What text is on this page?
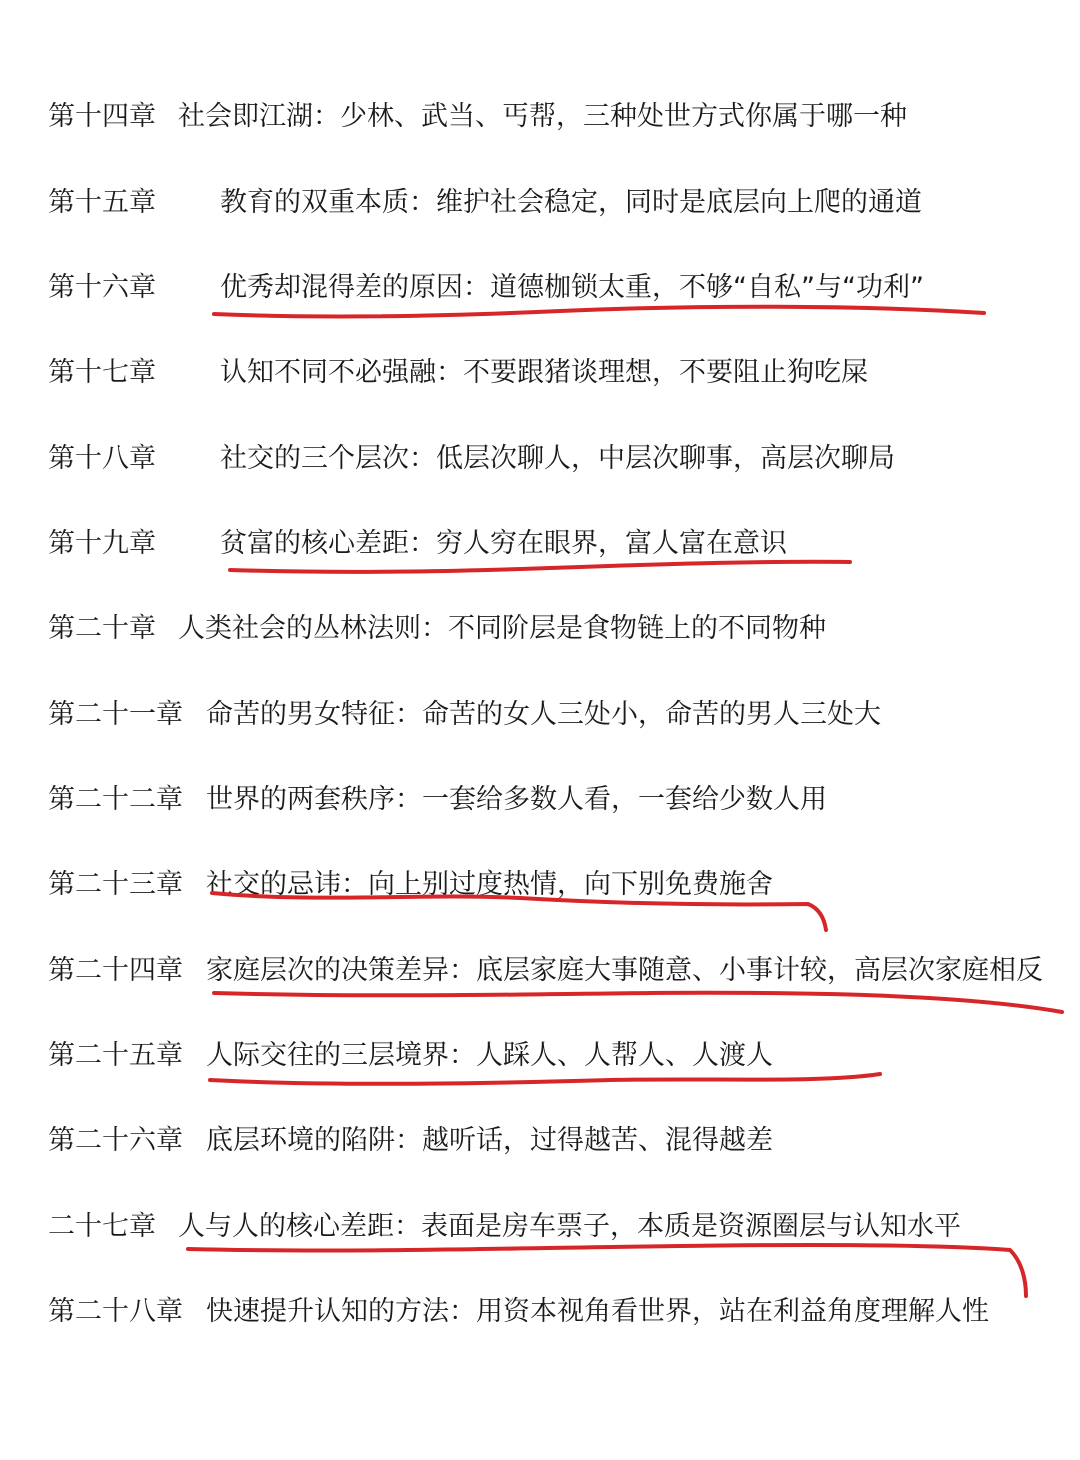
第十四章 社会即江湖：少林、武当、丐帮，三种处世方式你属于哪一种
第十五章 教育的双重本质：维护社会稳定，同时是底层向上爬的通道
第十六章 优秀却混得差的原因：道德枷锁太重，不够“自私”与“功利”
第十七章 认知不同不必强融：不要跟猪谈理想，不要阻止狗吃屎
第十八章 社交的三个层次：低层次聊人，中层次聊事，高层次聊局
第十九章 贫富的核心差距：穷人穷在眼界，富人富在意识
第二十章 人类社会的丛林法则：不同阶层是食物链上的不同物种
第二十一章 命苦的男女特征：命苦的女人三处小，命苦的男人三处大
第二十二章 世界的两套秩序：一套给多数人看，一套给少数人用
第二十三章 社交的忌讳：向上别过度热情，向下别免费施舍
第二十四章 家庭层次的决策差异：底层家庭大事随意、小事计较，高层次家庭相反
第二十五章 人际交往的三层境界：人踩人、人帮人、人渡人
第二十六章 底层环境的陷阱：越听话，过得越苦、混得越差
二十七章 人与人的核心差距：表面是房车票子，本质是资源圈层与认知水平
第二十八章 快速提升认知的方法：用资本视角看世界，站在利益角度理解人性
